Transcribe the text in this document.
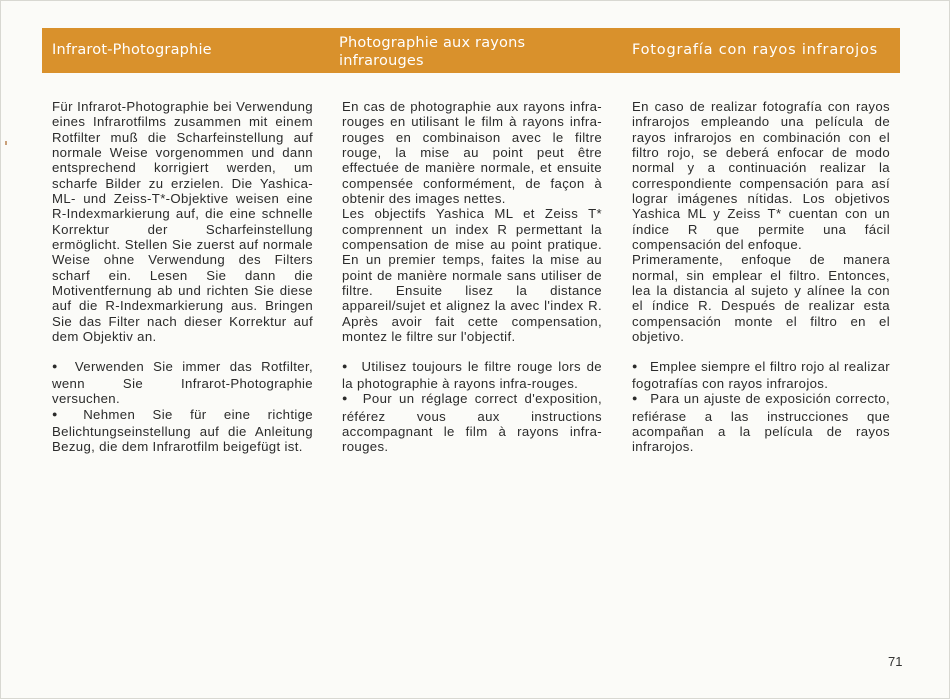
Infrarot-Photographie	Photographie aux rayons
infrarouges
Fotografía con rayos infrarojos

Für Infrarot-Photographie bei Verwendung eines Infrarotfilms zusammen mit einem Rotfilter muß die Scharfeinstellung auf normale Weise vorgenommen und dann entsprechend korrigiert werden, um scharfe Bilder zu erzielen. Die Yashica-ML- und Zeiss-T*-Objektive weisen eine R-Indexmarkierung auf, die eine schnelle Korrektur der Scharfeinstellung ermöglicht. Stellen Sie zuerst auf normale Weise ohne Verwendung des Filters scharf ein. Lesen Sie dann die Motiventfernung ab und richten Sie diese auf die R-Indexmarkierung aus. Bringen Sie das Filter nach dieser Korrektur auf dem Objektiv an.

● Verwenden Sie immer das Rotfilter, wenn Sie Infrarot-Photographie versuchen.

● Nehmen Sie für eine richtige Belichtungseinstellung auf die Anleitung Bezug, die dem Infrarotfilm beigefügt ist.

En cas de photographie aux rayons infra-rouges en utilisant le film à rayons infra-rouges en combinaison avec le filtre rouge, la mise au point peut être effectuée de manière normale, et ensuite compensée conformément, de façon à obtenir des images nettes.

Les objectifs Yashica ML et Zeiss T* comprennent un index R permettant la compensation de mise au point pratique. En un premier temps, faites la mise au point de manière normale sans utiliser de filtre. Ensuite lisez la distance appareil/sujet et alignez la avec l'index R. Après avoir fait cette compensation, montez le filtre sur l'objectif.

● Utilisez toujours le filtre rouge lors de la photographie à rayons infra-rouges.

● Pour un réglage correct d'exposition, référez vous aux instructions accompagnant le film à rayons infra-rouges.

En caso de realizar fotografía con rayos infrarojos empleando una película de rayos infrarojos en combinación con el filtro rojo, se deberá enfocar de modo normal y a continuación realizar la correspondiente compensación para así lograr imágenes nítidas. Los objetivos Yashica ML y Zeiss T* cuentan con un índice R que permite una fácil compensación del enfoque.

Primeramente, enfoque de manera normal, sin emplear el filtro. Entonces, lea la distancia al sujeto y alínee la con el índice R. Después de realizar esta compensación monte el filtro en el objetivo.

● Emplee siempre el filtro rojo al realizar fogotrafías con rayos infrarojos.

● Para un ajuste de exposición correcto, refiérase a las instrucciones que acompañan a la película de rayos infrarojos.

71
